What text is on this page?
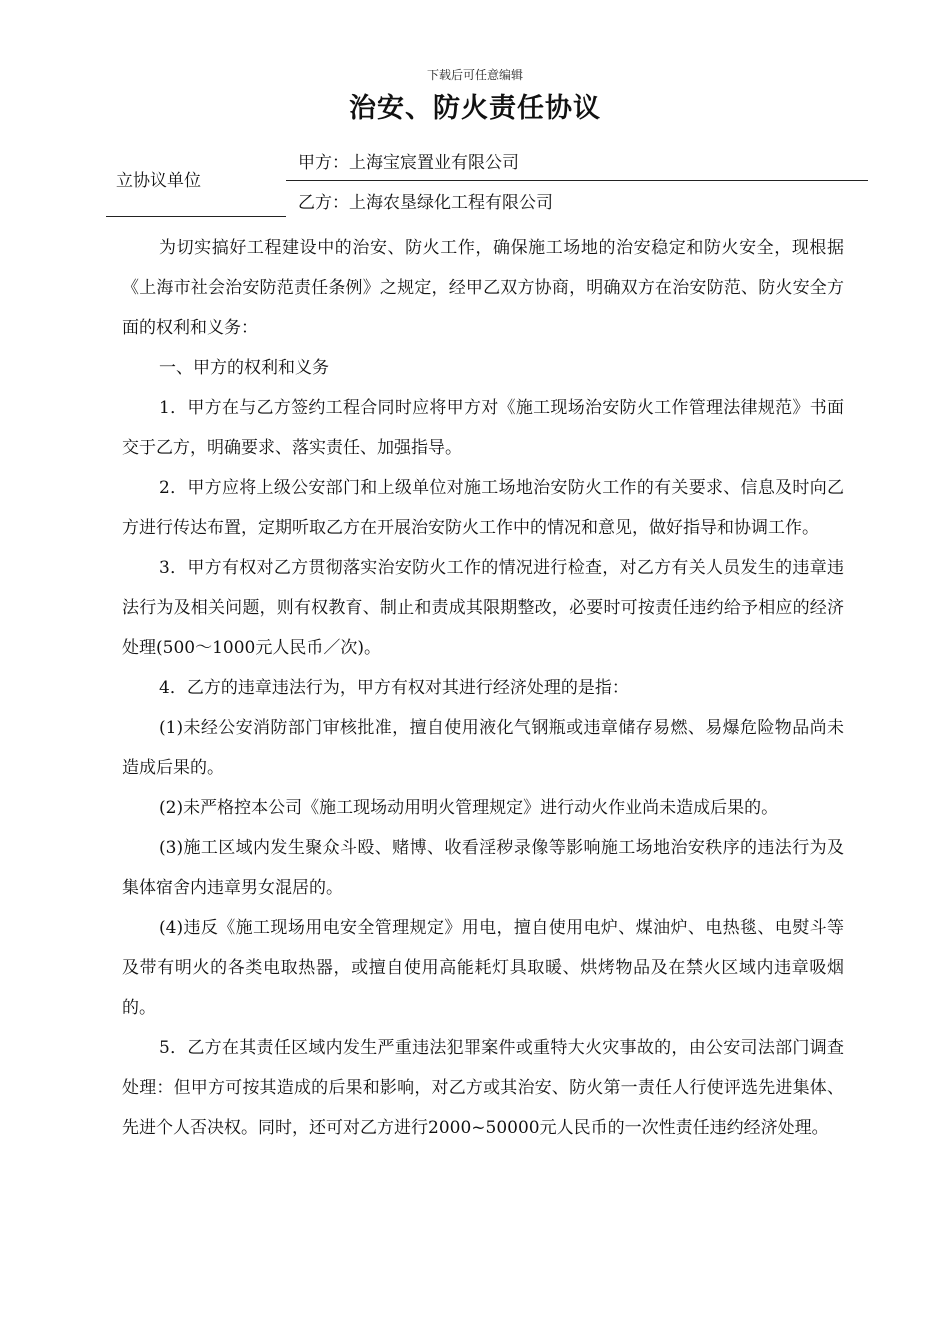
下载后可任意编辑
治安、防火责任协议
立协议单位
甲方：上海宝宸置业有限公司
乙方：上海农垦绿化工程有限公司

为切实搞好工程建设中的治安、防火工作，确保施工场地的治安稳定和防火安全，现根据《上海市社会治安防范责任条例》之规定，经甲乙双方协商，明确双方在治安防范、防火安全方面的权利和义务：

一、甲方的权利和义务

1．甲方在与乙方签约工程合同时应将甲方对《施工现场治安防火工作管理法律规范》书面交于乙方，明确要求、落实责任、加强指导。

2．甲方应将上级公安部门和上级单位对施工场地治安防火工作的有关要求、信息及时向乙方进行传达布置，定期听取乙方在开展治安防火工作中的情况和意见，做好指导和协调工作。

3．甲方有权对乙方贯彻落实治安防火工作的情况进行检查，对乙方有关人员发生的违章违法行为及相关问题，则有权教育、制止和责成其限期整改，必要时可按责任违约给予相应的经济处理(500～1000元人民币／次)。

4．乙方的违章违法行为，甲方有权对其进行经济处理的是指：

(1)未经公安消防部门审核批准，擅自使用液化气钢瓶或违章储存易燃、易爆危险物品尚未造成后果的。

(2)未严格控本公司《施工现场动用明火管理规定》进行动火作业尚未造成后果的。

(3)施工区域内发生聚众斗殴、赌博、收看淫秽录像等影响施工场地治安秩序的违法行为及集体宿舍内违章男女混居的。

(4)违反《施工现场用电安全管理规定》用电，擅自使用电炉、煤油炉、电热毯、电熨斗等及带有明火的各类电取热器，或擅自使用高能耗灯具取暖、烘烤物品及在禁火区域内违章吸烟的。

5．乙方在其责任区域内发生严重违法犯罪案件或重特大火灾事故的，由公安司法部门调查处理：但甲方可按其造成的后果和影响，对乙方或其治安、防火第一责任人行使评选先进集体、先进个人否决权。同时，还可对乙方进行2000~50000元人民币的一次性责任违约经济处理。
